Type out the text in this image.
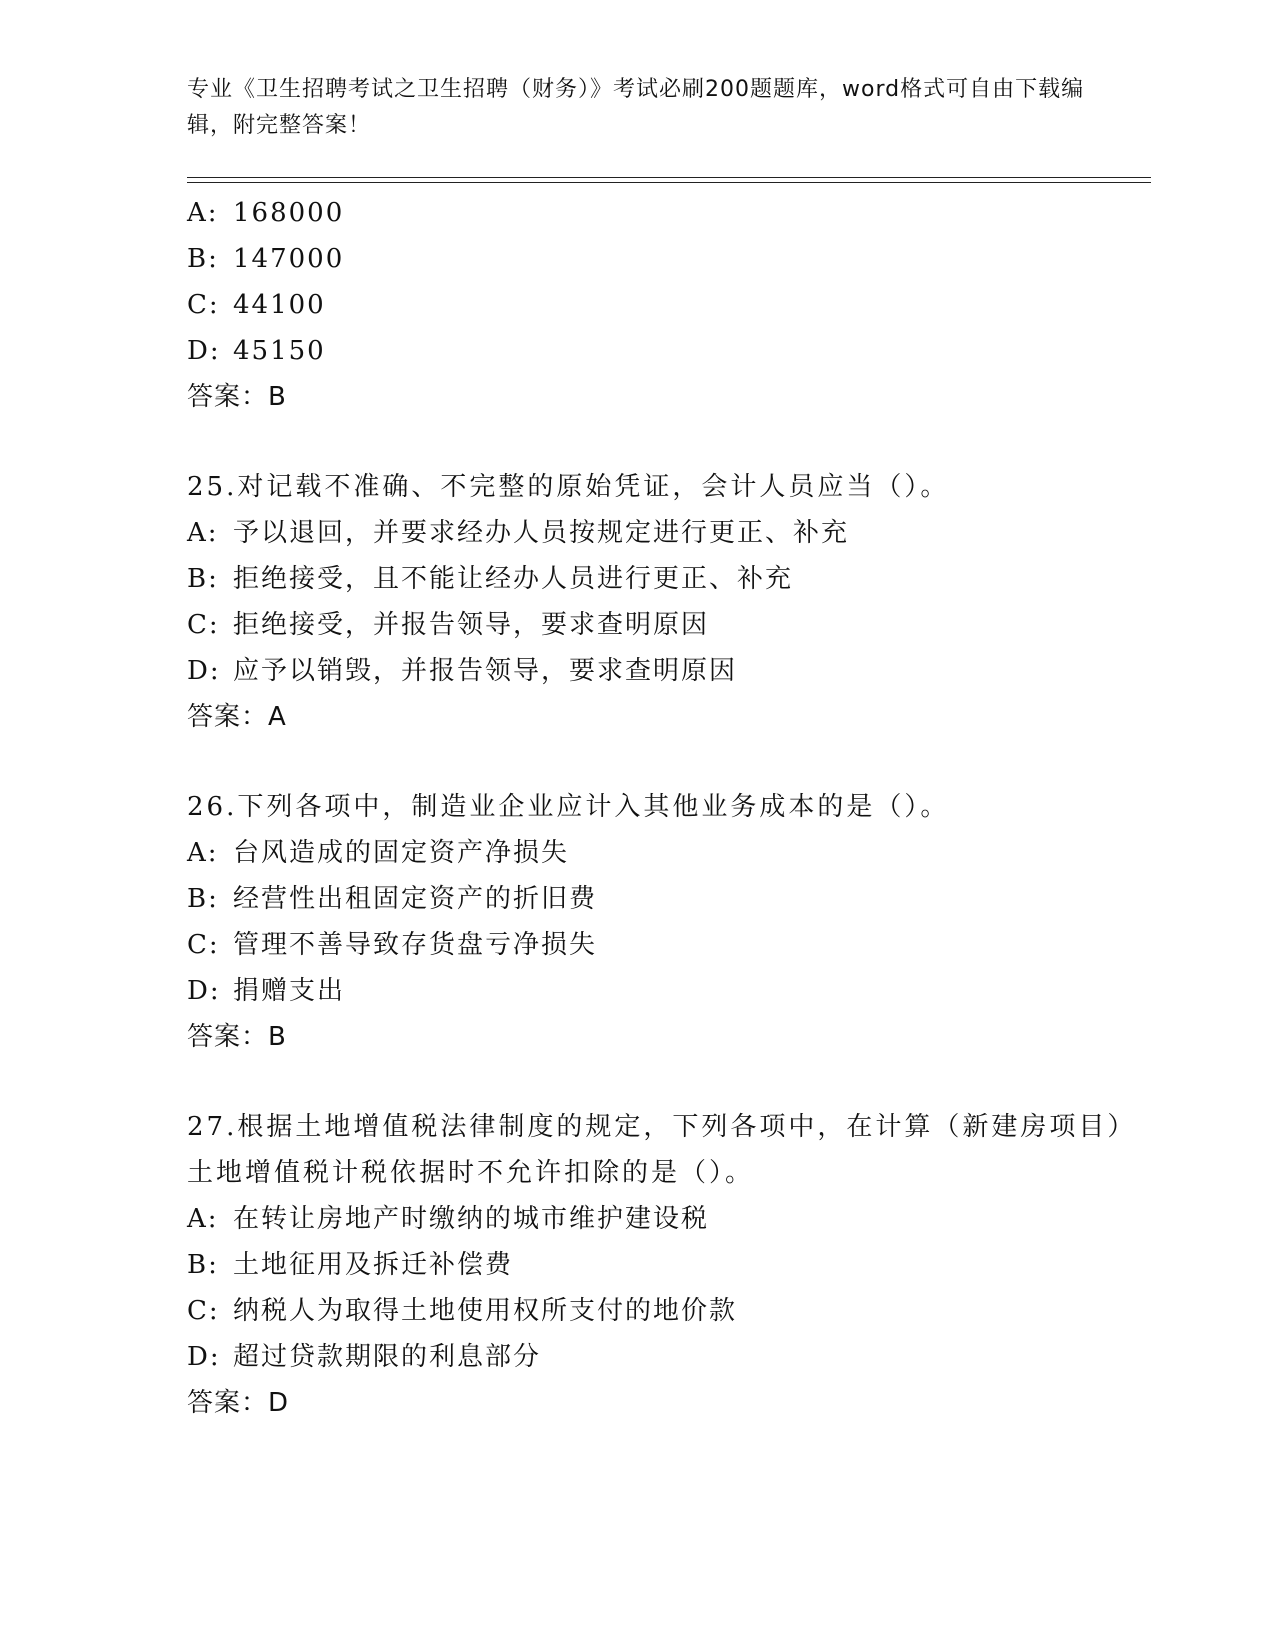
专业《卫生招聘考试之卫生招聘（财务）》考试必刷200题题库，word格式可自由下载编辑，附完整答案！
A: 168000
B: 147000
C: 44100
D: 45150
答案：B
25.对记载不准确、不完整的原始凭证，会计人员应当（）。
A: 予以退回，并要求经办人员按规定进行更正、补充
B: 拒绝接受，且不能让经办人员进行更正、补充
C: 拒绝接受，并报告领导，要求查明原因
D: 应予以销毁，并报告领导，要求查明原因
答案：A
26.下列各项中，制造业企业应计入其他业务成本的是（）。
A: 台风造成的固定资产净损失
B: 经营性出租固定资产的折旧费
C: 管理不善导致存货盘亏净损失
D: 捐赠支出
答案：B
27.根据土地增值税法律制度的规定，下列各项中，在计算（新建房项目）土地增值税计税依据时不允许扣除的是（）。
A: 在转让房地产时缴纳的城市维护建设税
B: 土地征用及拆迁补偿费
C: 纳税人为取得土地使用权所支付的地价款
D: 超过贷款期限的利息部分
答案：D
